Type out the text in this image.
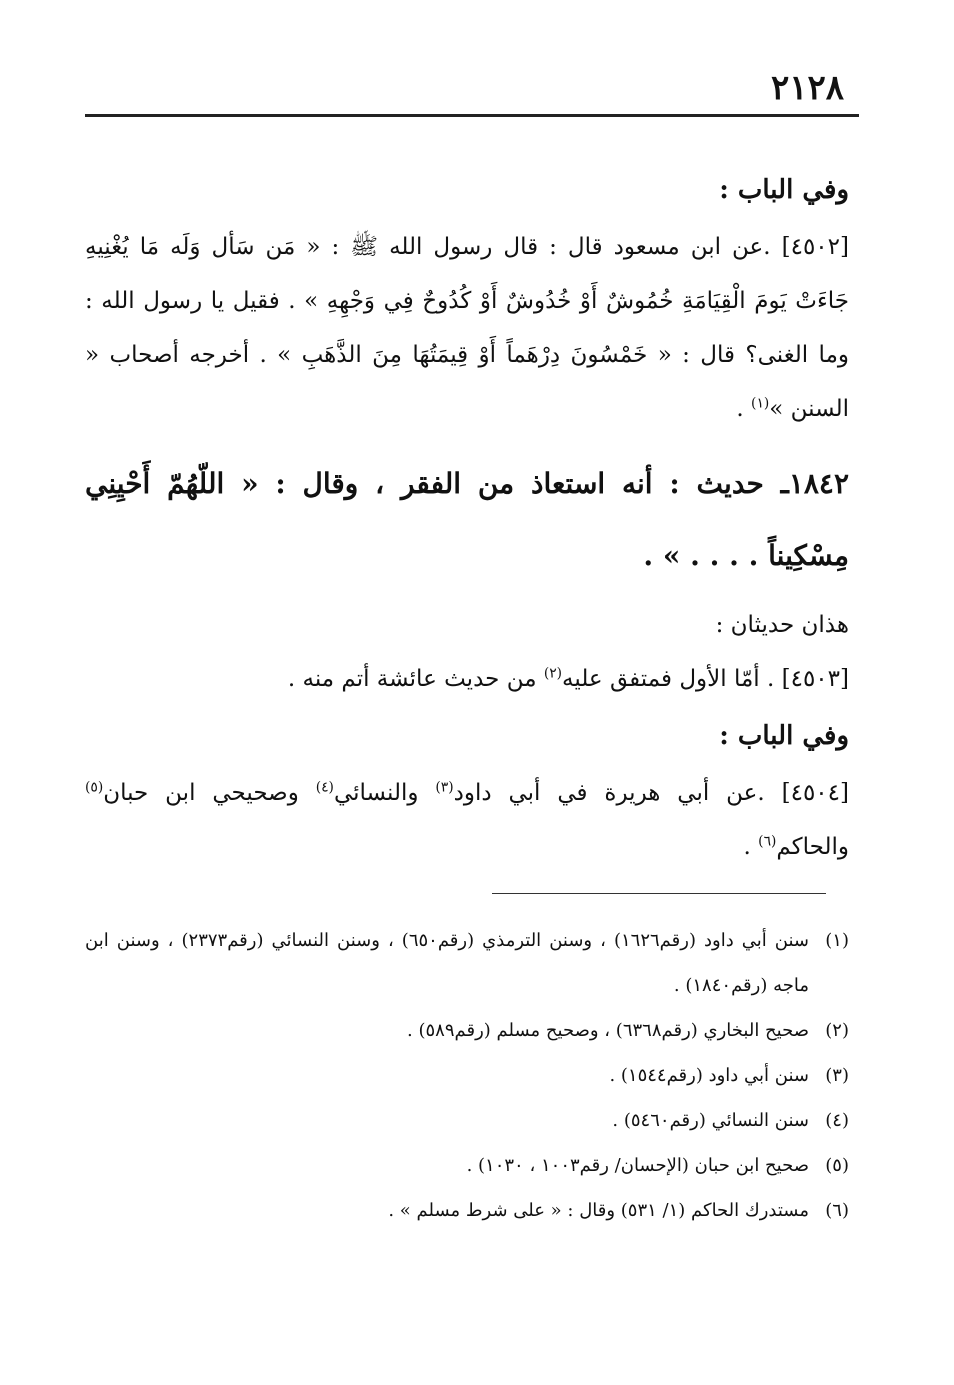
٢١٢٨

وفي الباب :

[٤٥٠٢] .عن ابن مسعود قال : قال رسول الله ﷺ : « مَن سَأل وَلَه مَا يُغْنِيهِ جَاءَتْ يَومَ الْقِيَامَةِ خُمُوشٌ أَوْ خُدُوشٌ أَوْ كُدُوحٌ فِي وَجْهِهِ » . فقيل يا رسول الله : وما الغنى؟ قال : « خَمْسُونَ دِرْهَماً أَوْ قِيمَتُهَا مِنَ الذَّهَبِ » . أخرجه أصحاب « السنن »$^{(١)}$ .

١٨٤٢ـ حديث : أنه استعاذ من الفقر ، وقال : « اللّهُمّ أَحْيِنِي مِسْكِيناً . . . . » .

هذان حديثان :

[٤٥٠٣] . أمّا الأول فمتفق عليه$^{(٢)}$ من حديث عائشة أتم منه .

وفي الباب :

[٤٥٠٤] .عن أبي هريرة في أبي داود$^{(٣)}$ والنسائي$^{(٤)}$ وصحيحي ابن حبان$^{(٥)}$ والحاكم$^{(٦)}$ .

(١)
سنن أبي داود (رقم١٦٢٦) ، وسنن الترمذي (رقم٦٥٠) ، وسنن النسائي (رقم٢٣٧٣) ، وسنن ابن ماجه (رقم١٨٤٠) .
(٢)
صحيح البخاري (رقم٦٣٦٨) ، وصحيح مسلم (رقم٥٨٩) .
(٣)
سنن أبي داود (رقم١٥٤٤) .
(٤)
سنن النسائي (رقم٥٤٦٠) .
(٥)
صحيح ابن حبان (الإحسان/ رقم١٠٠٣ ، ١٠٣٠) .
(٦)
مستدرك الحاكم (١/ ٥٣١) وقال : « على شرط مسلم » .
